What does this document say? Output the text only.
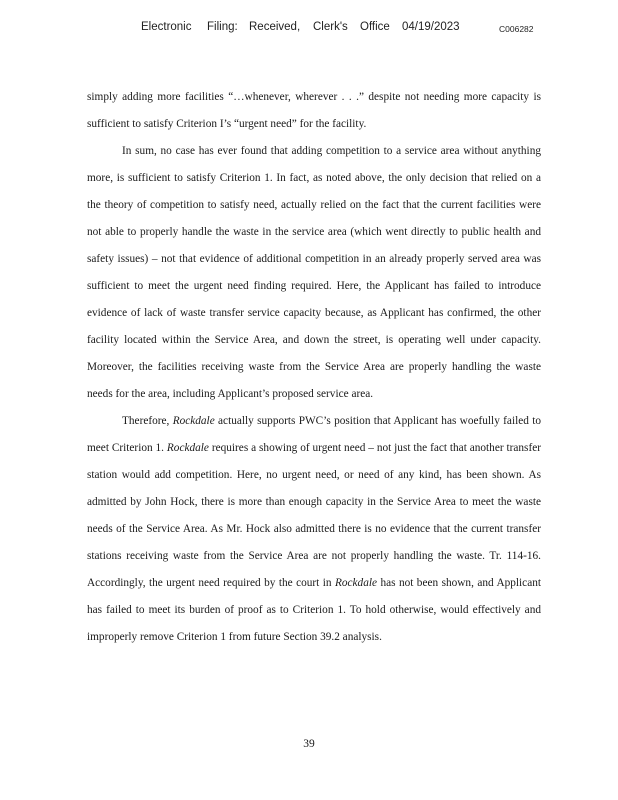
Electronic Filing: Received, Clerk's Office 04/19/2023	C006282

simply adding more facilities “…whenever, wherever . . .” despite not needing more capacity is sufficient to satisfy Criterion I’s “urgent need” for the facility.

In sum, no case has ever found that adding competition to a service area without anything more, is sufficient to satisfy Criterion 1. In fact, as noted above, the only decision that relied on a the theory of competition to satisfy need, actually relied on the fact that the current facilities were not able to properly handle the waste in the service area (which went directly to public health and safety issues) – not that evidence of additional competition in an already properly served area was sufficient to meet the urgent need finding required. Here, the Applicant has failed to introduce evidence of lack of waste transfer service capacity because, as Applicant has confirmed, the other facility located within the Service Area, and down the street, is operating well under capacity. Moreover, the facilities receiving waste from the Service Area are properly handling the waste needs for the area, including Applicant’s proposed service area.

Therefore, Rockdale actually supports PWC’s position that Applicant has woefully failed to meet Criterion 1. Rockdale requires a showing of urgent need – not just the fact that another transfer station would add competition. Here, no urgent need, or need of any kind, has been shown. As admitted by John Hock, there is more than enough capacity in the Service Area to meet the waste needs of the Service Area. As Mr. Hock also admitted there is no evidence that the current transfer stations receiving waste from the Service Area are not properly handling the waste. Tr. 114-16. Accordingly, the urgent need required by the court in Rockdale has not been shown, and Applicant has failed to meet its burden of proof as to Criterion 1. To hold otherwise, would effectively and improperly remove Criterion 1 from future Section 39.2 analysis.

39
